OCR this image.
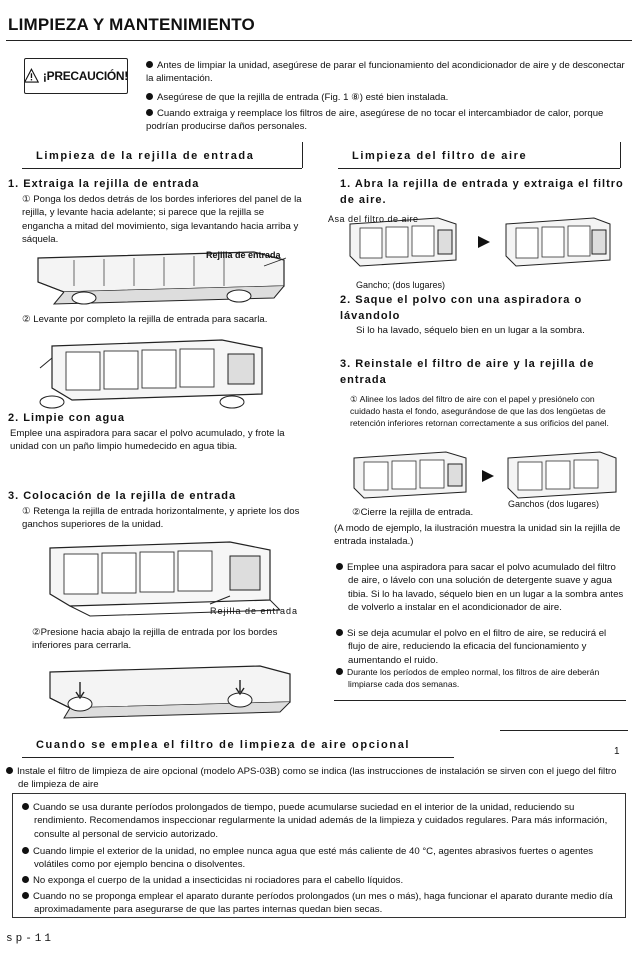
LIMPIEZA Y MANTENIMIENTO
¡PRECAUCIÓN!
Antes de limpiar la unidad, asegúrese de parar el funcionamiento del acondicionador de aire y de desconectar la alimentación.
Asegúrese de que la rejilla de entrada (Fig. 1 ⑧) esté bien instalada.
Cuando extraiga y reemplace los filtros de aire, asegúrese de no tocar el intercambiador de calor, porque podrían producirse daños personales.
Limpieza de la rejilla de entrada	Limpieza del filtro de aire
1. Extraiga la rejilla de entrada
① Ponga los dedos detrás de los bordes inferiores del panel de la rejilla, y levante hacia adelante; si parece que la rejilla se engancha a mitad del movimiento, siga levantando hacia arriba y sáquela.
Rejilla de entrada
② Levante por completo la rejilla de entrada para sacarla.
2. Limpie con agua
Emplee una aspiradora para sacar el polvo acumulado, y frote la unidad con un paño limpio humedecido en agua tibia.
3. Colocación de la rejilla de entrada
① Retenga la rejilla de entrada horizontalmente, y apriete los dos ganchos superiores de la unidad.
Rejilla de entrada
②Presione hacia abajo la rejilla de entrada por los bordes inferiores para cerrarla.
1. Abra la rejilla de entrada y extraiga el filtro de aire.
Asa del filtro de aire
Gancho; (dos lugares)
2. Saque el polvo con una aspiradora o lávandolo
Si lo ha lavado, séquelo bien en un lugar a la sombra.
3. Reinstale el filtro de aire y la rejilla de entrada
① Alinee los lados del filtro de aire con el papel y presiónelo con cuidado hasta el fondo, asegurándose de que las dos lengüetas de retención inferiores retornan correctamente a sus orificios del panel.
Ganchos (dos lugares)
②Cierre la rejilla de entrada.
(A modo de ejemplo, la ilustración muestra la unidad sin la rejilla de entrada instalada.)
Emplee una aspiradora para sacar el polvo acumulado del filtro de aire, o lávelo con una solución de detergente suave y agua tibia. Si lo ha lavado, séquelo bien en un lugar a la sombra antes de volverlo a instalar en el acondicionador de aire.
Si se deja acumular el polvo en el filtro de aire, se reducirá el flujo de aire, reduciendo la eficacia del funcionamiento y aumentando el ruido.
Durante los períodos de empleo normal, los filtros de aire deberán limpiarse cada dos semanas.
Cuando se emplea el filtro de limpieza de aire opcional
1
Instale el filtro de limpieza de aire opcional (modelo APS-03B) como se indica (las instrucciones de instalación se sirven con el juego del filtro de limpieza de aire
Cuando se usa durante períodos prolongados de tiempo, puede acumularse suciedad en el interior de la unidad, reduciendo su rendimiento. Recomendamos inspeccionar regularmente la unidad además de la limpieza y cuidados regulares. Para más información, consulte al personal de servicio autorizado.
Cuando limpie el exterior de la unidad, no emplee nunca agua que esté más caliente de 40 °C, agentes abrasivos fuertes o agentes volátiles como por ejemplo bencina o disolventes.
No exponga el cuerpo de la unidad a insecticidas ni rociadores para el cabello líquidos.
Cuando no se proponga emplear el aparato durante períodos prolongados (un mes o más), haga funcionar el aparato durante medio día aproximadamente para asegurarse de que las partes internas quedan bien secas.
sp-11
